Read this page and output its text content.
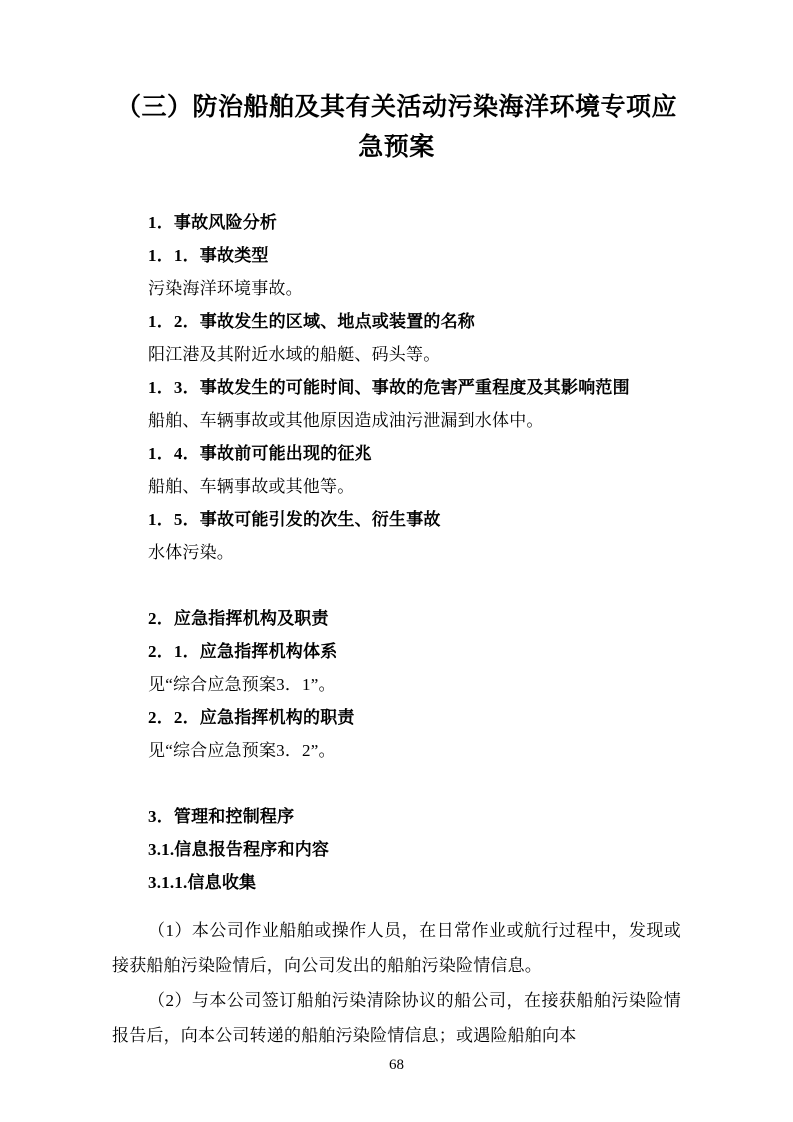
（三）防治船舶及其有关活动污染海洋环境专项应急预案
1．事故风险分析
1．1．事故类型
污染海洋环境事故。
1．2．事故发生的区域、地点或装置的名称
阳江港及其附近水域的船艇、码头等。
1．3．事故发生的可能时间、事故的危害严重程度及其影响范围
船舶、车辆事故或其他原因造成油污泄漏到水体中。
1．4．事故前可能出现的征兆
船舶、车辆事故或其他等。
1．5．事故可能引发的次生、衍生事故
水体污染。
2．应急指挥机构及职责
2．1．应急指挥机构体系
见“综合应急预案3．1”。
2．2．应急指挥机构的职责
见“综合应急预案3．2”。
3．管理和控制程序
3.1.信息报告程序和内容
3.1.1.信息收集

（1）本公司作业船舶或操作人员，在日常作业或航行过程中，发现或接获船舶污染险情后，向公司发出的船舶污染险情信息。

（2）与本公司签订船舶污染清除协议的船公司，在接获船舶污染险情报告后，向本公司转递的船舶污染险情信息；或遇险船舶向本

68
